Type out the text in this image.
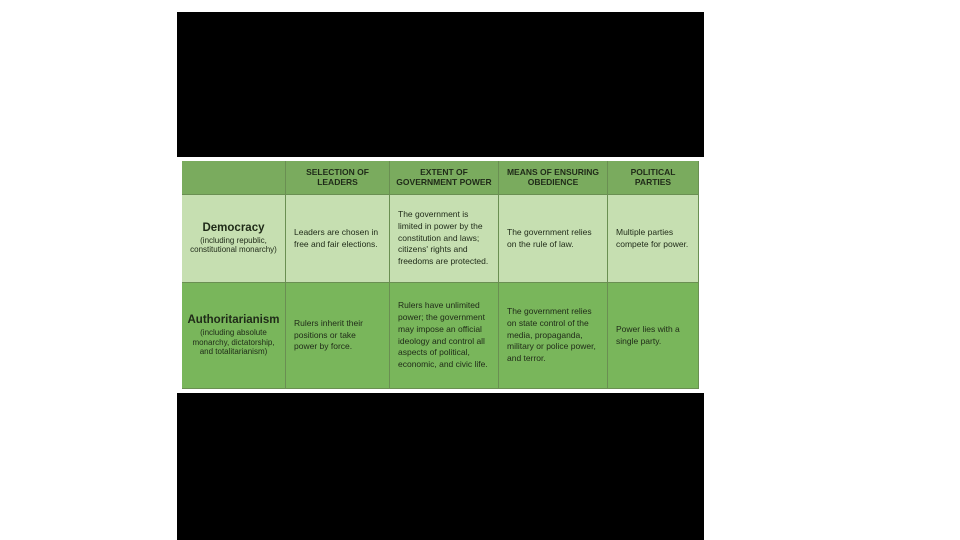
SELECTION OF LEADERS
EXTENT OF GOVERNMENT POWER
MEANS OF ENSURING OBEDIENCE
POLITICAL PARTIES
Democracy
(including republic, constitutional monarchy)
Leaders are chosen in free and fair elections.
The government is limited in power by the constitution and laws; citizens' rights and freedoms are protected.
The government relies on the rule of law.
Multiple parties compete for power.
Authoritarianism
(including absolute monarchy, dictatorship, and totalitarianism)
Rulers inherit their positions or take power by force.
Rulers have unlimited power; the government may impose an official ideology and control all aspects of political, economic, and civic life.
The government relies on state control of the media, propaganda, military or police power, and terror.
Power lies with a single party.
